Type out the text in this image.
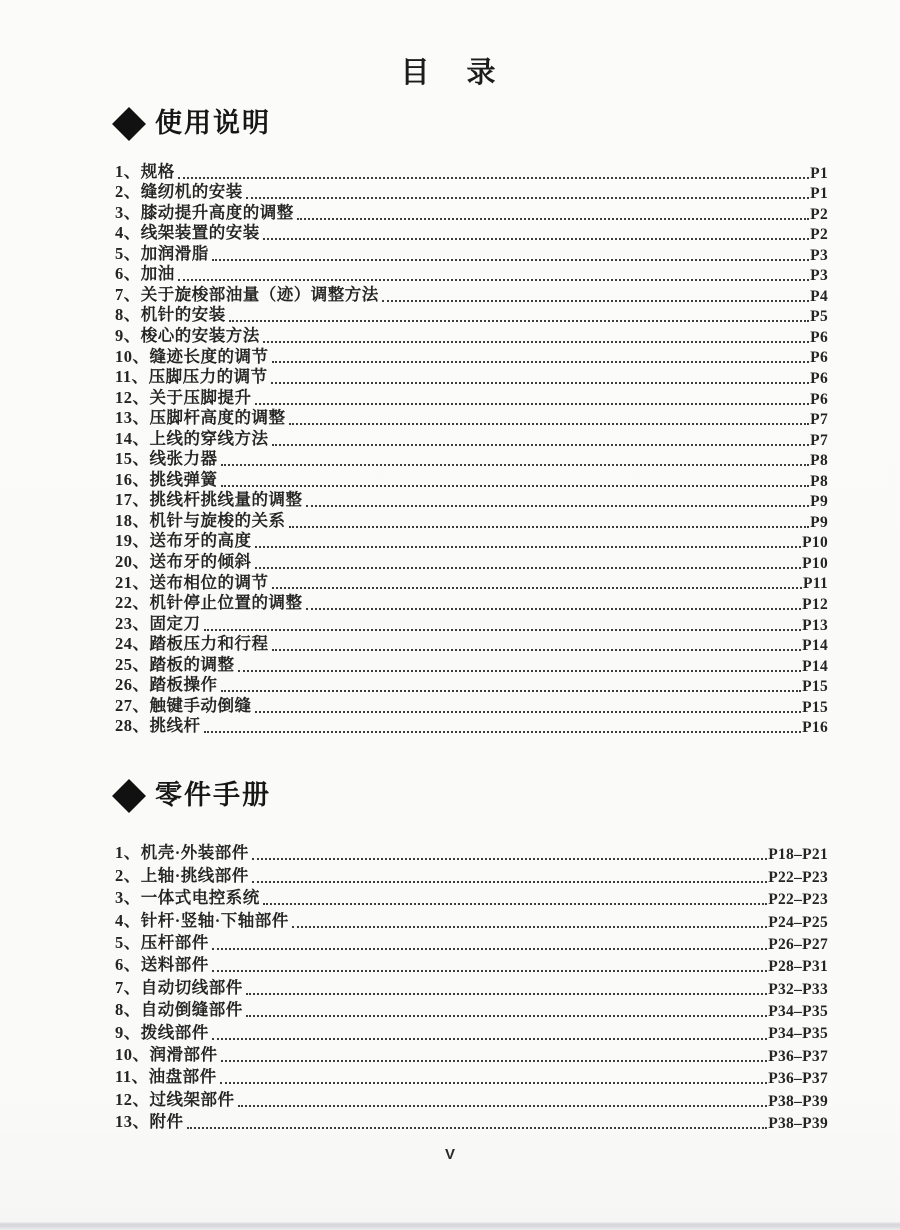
目　录
使用说明
1、规格	P1
2、缝纫机的安装	P1
3、膝动提升高度的调整	P2
4、线架装置的安装	P2
5、加润滑脂	P3
6、加油	P3
7、关于旋梭部油量（迹）调整方法	P4
8、机针的安装	P5
9、梭心的安装方法	P6
10、缝迹长度的调节	P6
11、压脚压力的调节	P6
12、关于压脚提升	P6
13、压脚杆高度的调整	P7
14、上线的穿线方法	P7
15、线张力器	P8
16、挑线弹簧	P8
17、挑线杆挑线量的调整	P9
18、机针与旋梭的关系	P9
19、送布牙的高度	P10
20、送布牙的倾斜	P10
21、送布相位的调节	P11
22、机针停止位置的调整	P12
23、固定刀	P13
24、踏板压力和行程	P14
25、踏板的调整	P14
26、踏板操作	P15
27、触键手动倒缝	P15
28、挑线杆	P16
零件手册
1、机壳·外装部件	P18–P21
2、上轴·挑线部件	P22–P23
3、一体式电控系统	P22–P23
4、针杆·竖轴·下轴部件	P24–P25
5、压杆部件	P26–P27
6、送料部件	P28–P31
7、自动切线部件	P32–P33
8、自动倒缝部件	P34–P35
9、拨线部件	P34–P35
10、润滑部件	P36–P37
11、油盘部件	P36–P37
12、过线架部件	P38–P39
13、附件	P38–P39
V
